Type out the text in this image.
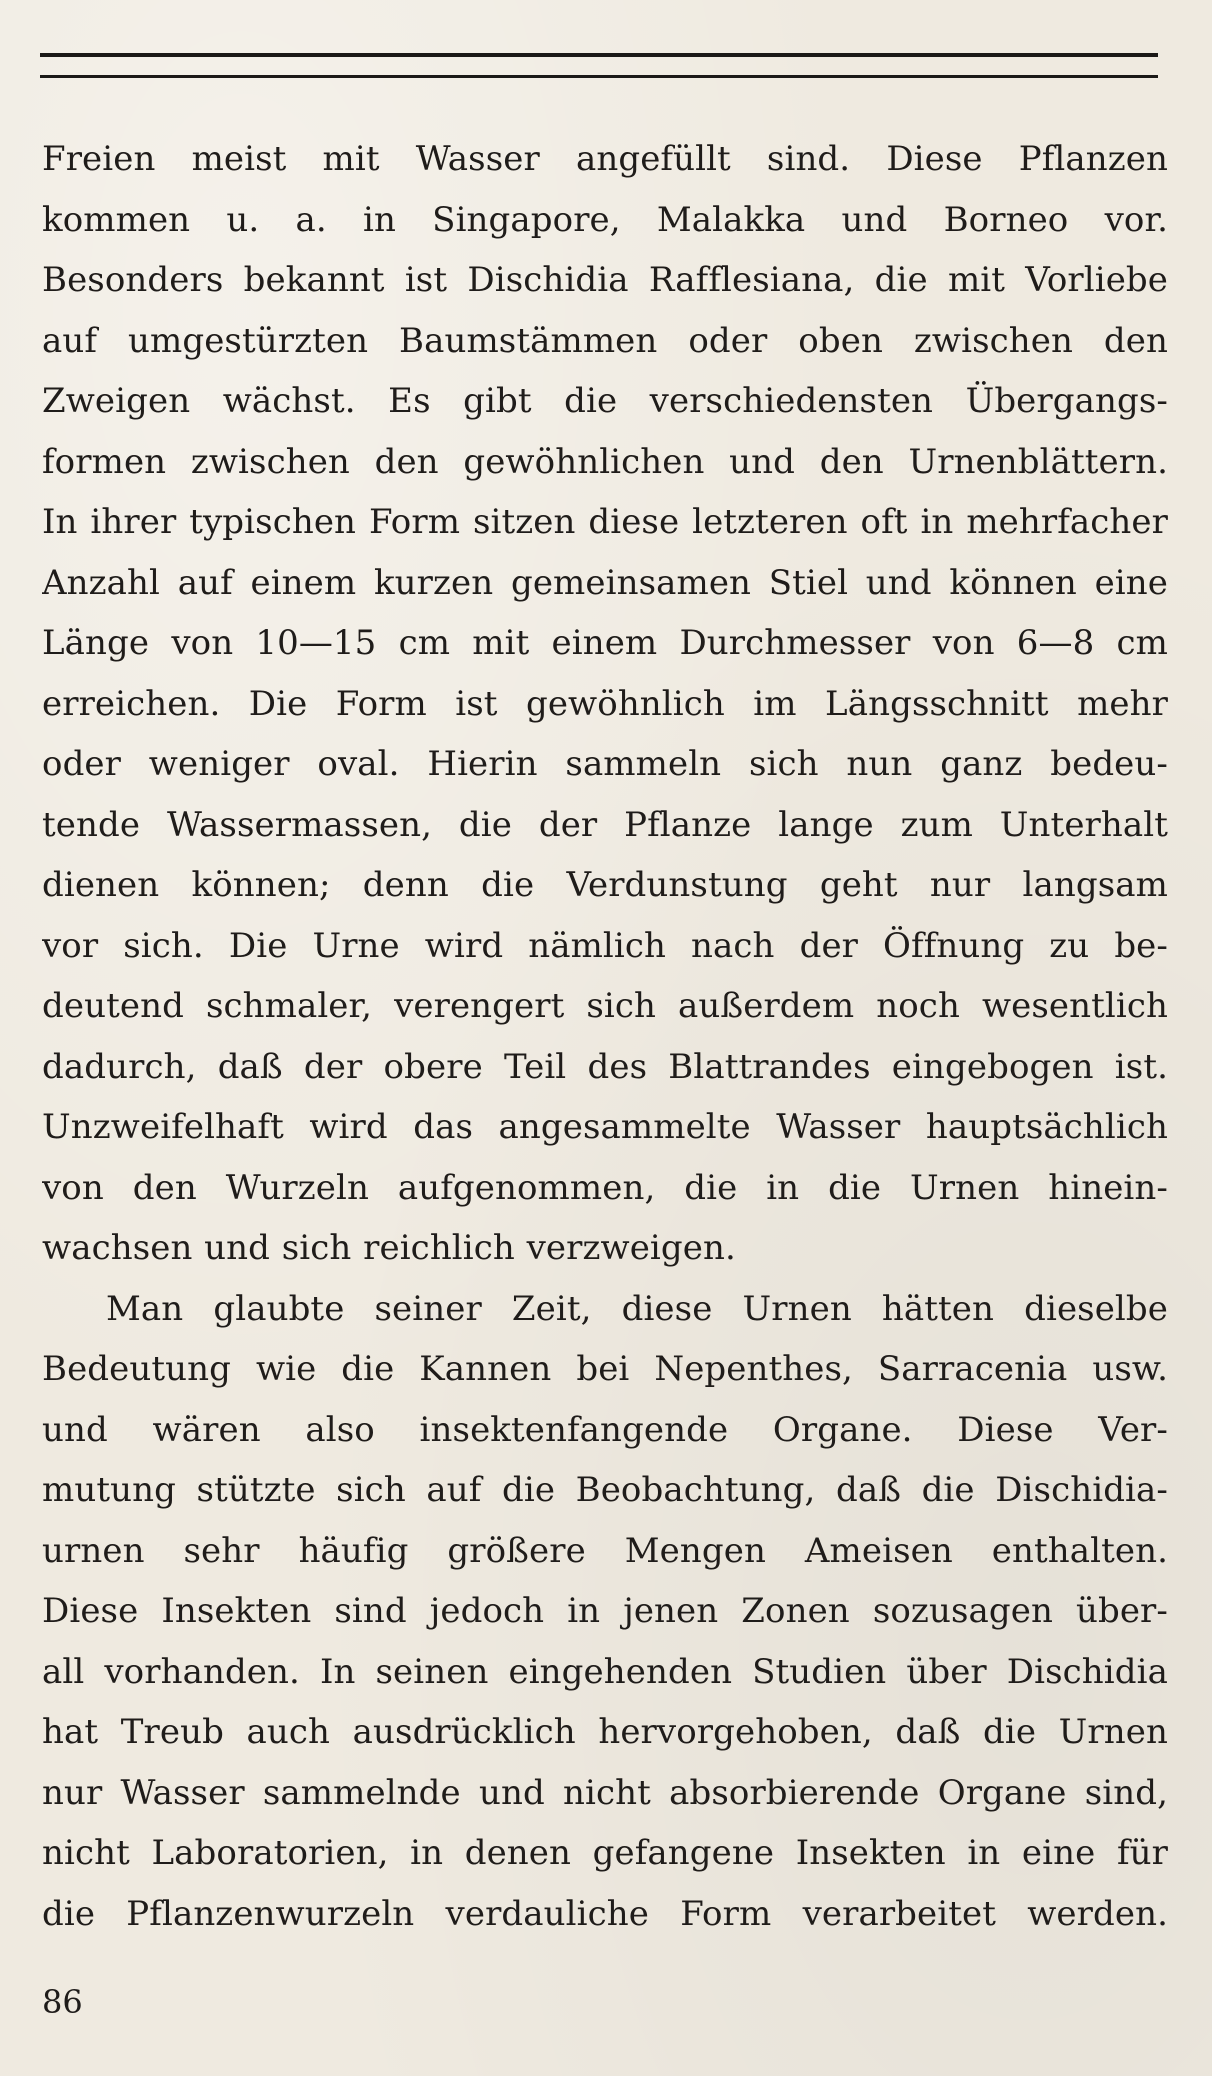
Freien meist mit Wasser angefüllt sind. Diese Pflanzen
kommen u. a. in Singapore, Malakka und Borneo vor.
Besonders bekannt ist Dischidia Rafflesiana, die mit Vorliebe
auf umgestürzten Baumstämmen oder oben zwischen den
Zweigen wächst. Es gibt die verschiedensten Übergangs-
formen zwischen den gewöhnlichen und den Urnenblättern.
In ihrer typischen Form sitzen diese letzteren oft in mehrfacher
Anzahl auf einem kurzen gemeinsamen Stiel und können eine
Länge von 10—15 cm mit einem Durchmesser von 6—8 cm
erreichen. Die Form ist gewöhnlich im Längsschnitt mehr
oder weniger oval. Hierin sammeln sich nun ganz bedeu-
tende Wassermassen, die der Pflanze lange zum Unterhalt
dienen können; denn die Verdunstung geht nur langsam
vor sich. Die Urne wird nämlich nach der Öffnung zu be-
deutend schmaler, verengert sich außerdem noch wesentlich
dadurch, daß der obere Teil des Blattrandes eingebogen ist.
Unzweifelhaft wird das angesammelte Wasser hauptsächlich
von den Wurzeln aufgenommen, die in die Urnen hinein-
wachsen und sich reichlich verzweigen.
Man glaubte seiner Zeit, diese Urnen hätten dieselbe
Bedeutung wie die Kannen bei Nepenthes, Sarracenia usw.
und wären also insektenfangende Organe. Diese Ver-
mutung stützte sich auf die Beobachtung, daß die Dischidia-
urnen sehr häufig größere Mengen Ameisen enthalten.
Diese Insekten sind jedoch in jenen Zonen sozusagen über-
all vorhanden. In seinen eingehenden Studien über Dischidia
hat Treub auch ausdrücklich hervorgehoben, daß die Urnen
nur Wasser sammelnde und nicht absorbierende Organe sind,
nicht Laboratorien, in denen gefangene Insekten in eine für
die Pflanzenwurzeln verdauliche Form verarbeitet werden.
86
